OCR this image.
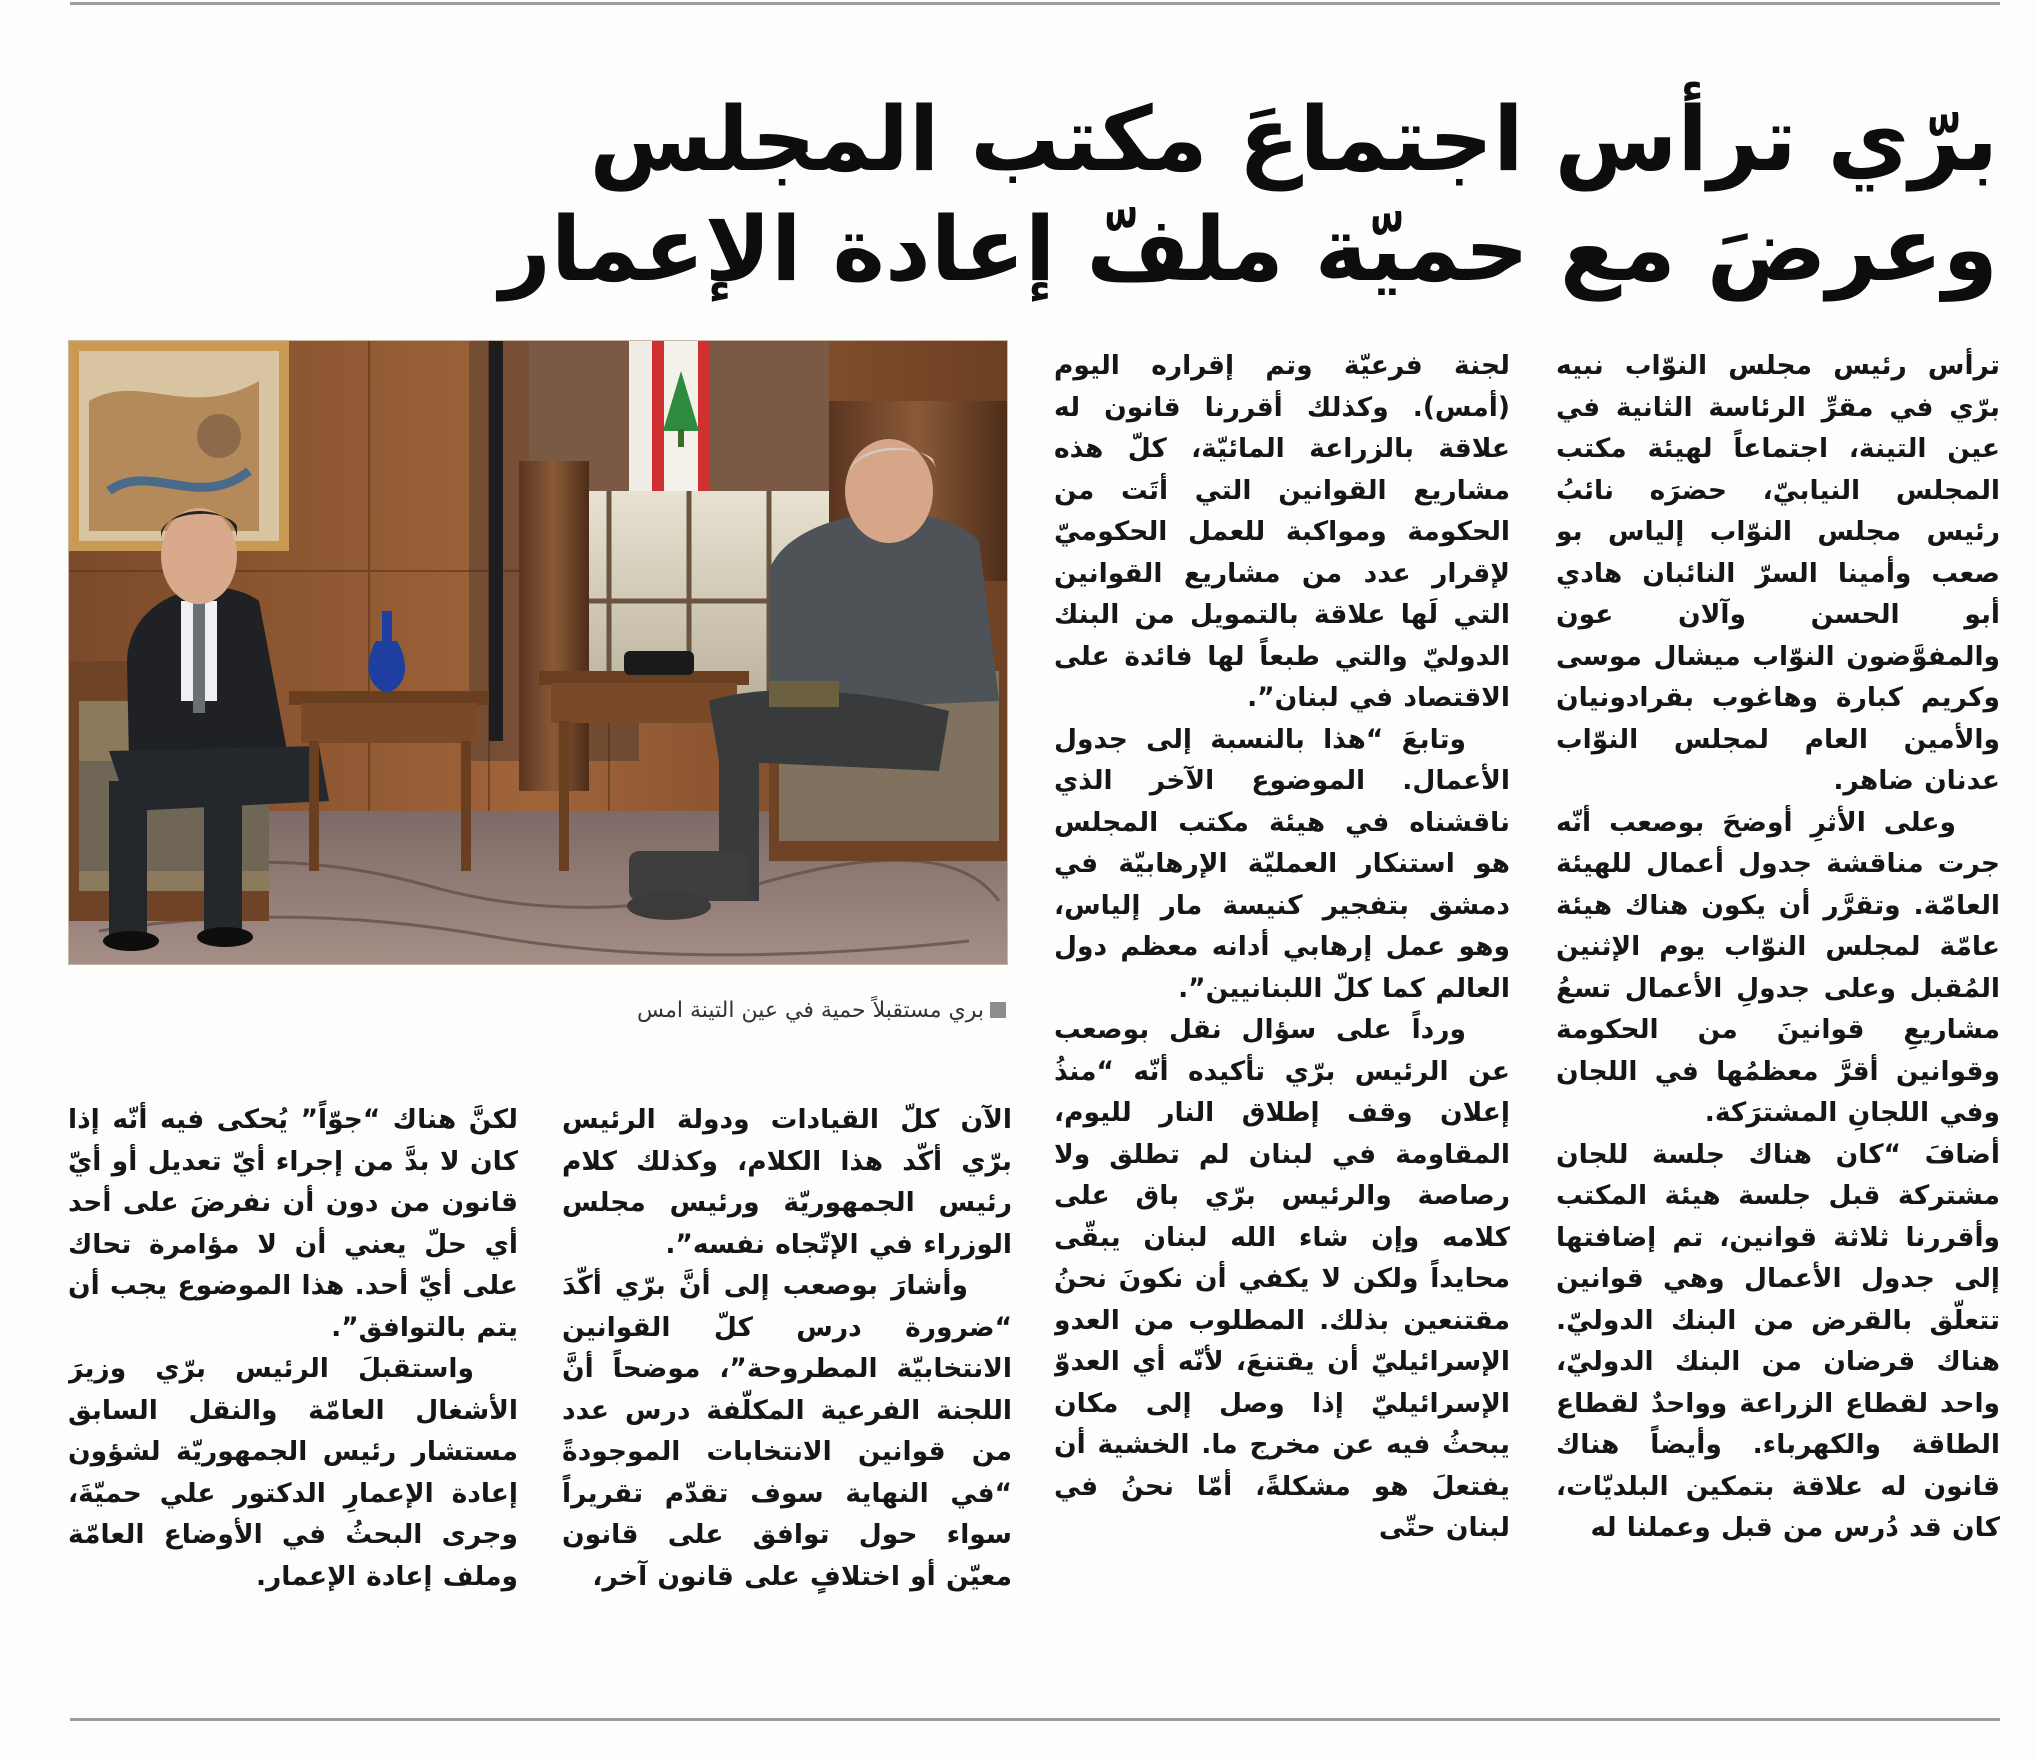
برّي ترأس اجتماعَ مكتب المجلس
وعرضَ مع حميّة ملفّ إعادة الإعمار

ترأس رئيس مجلس النوّاب نبيه برّي في مقرِّ الرئاسة الثانية في عين التينة، اجتماعاً لهيئة مكتب المجلس النيابيّ، حضرَه نائبُ رئيس مجلس النوّاب إلياس بو صعب وأمينا السرّ النائبان هادي أبو الحسن وآلان عون والمفوَّضون النوّاب ميشال موسى وكريم كبارة وهاغوب بقرادونيان والأمين العام لمجلس النوّاب عدنان ضاهر.

وعلى الأثرِ أوضحَ بوصعب أنّه جرت مناقشة جدول أعمال للهيئة العامّة. وتقرَّر أن يكون هناك هيئة عامّة لمجلس النوّاب يوم الإثنين المُقبل وعلى جدولِ الأعمال تسعُ مشاريعِ قوانينَ من الحكومة وقوانين أقرَّ معظمُها في اللجان وفي اللجانِ المشترَكة.

أضافَ “كان هناك جلسة للجان مشتركة قبل جلسة هيئة المكتب وأقررنا ثلاثة قوانين، تم إضافتها إلى جدول الأعمال وهي قوانين تتعلّق بالقرض من البنك الدوليّ. هناك قرضان من البنك الدوليّ، واحد لقطاع الزراعة وواحدٌ لقطاع الطاقة والكهرباء. وأيضاً هناك قانون له علاقة بتمكين البلديّات، كان قد دُرس من قبل وعملنا له

لجنة فرعيّة وتم إقراره اليوم (أمس). وكذلك أقررنا قانون له علاقة بالزراعة المائيّة، كلّ هذه مشاريع القوانين التي أتَت من الحكومة ومواكبة للعمل الحكوميّ لإقرار عدد من مشاريع القوانين التي لَها علاقة بالتمويل من البنك الدوليّ والتي طبعاً لها فائدة على الاقتصاد في لبنان”.

وتابعَ “هذا بالنسبة إلى جدول الأعمال. الموضوع الآخر الذي ناقشناه في هيئة مكتب المجلس هو استنكار العمليّة الإرهابيّة في دمشق بتفجير كنيسة مار إلياس، وهو عمل إرهابي أدانه معظم دول العالم كما كلّ اللبنانيين”.

ورداً على سؤال نقل بوصعب عن الرئيس برّي تأكيده أنّه “منذُ إعلان وقف إطلاق النار لليوم، المقاومة في لبنان لم تطلق ولا رصاصة والرئيس برّي باق على كلامه وإن شاء الله لبنان يبقّى محايداً ولكن لا يكفي أن نكونَ نحنُ مقتنعين بذلك. المطلوب من العدو الإسرائيليّ أن يقتنعَ، لأنّه أي العدوّ الإسرائيليّ إذا وصل إلى مكان يبحثُ فيه عن مخرج ما. الخشية أن يفتعلَ هو مشكلةً، أمّا نحنُ في لبنان حتّى

بري مستقبلاً حمية في عين التينة امس

الآن كلّ القيادات ودولة الرئيس برّي أكّد هذا الكلام، وكذلك كلام رئيس الجمهوريّة ورئيس مجلس الوزراء في الإتّجاه نفسه”.

وأشارَ بوصعب إلى أنَّ برّي أكّدَ “ضرورة درس كلّ القوانين الانتخابيّة المطروحة”، موضحاً أنَّ اللجنة الفرعية المكلّفة درس عدد من قوانين الانتخابات الموجودةً “في النهاية سوف تقدّم تقريراً سواء حول توافق على قانون معيّن أو اختلافٍ على قانون آخر،

لكنَّ هناك “جوّاً” يُحكى فيه أنّه إذا كان لا بدَّ من إجراء أيّ تعديل أو أيّ قانون من دون أن نفرضَ على أحد أي حلّ يعني أن لا مؤامرة تحاك على أيّ أحد. هذا الموضوع يجب أن يتم بالتوافق”.

واستقبلَ الرئيس برّي وزيرَ الأشغال العامّة والنقل السابق مستشار رئيس الجمهوريّة لشؤون إعادة الإعمارِ الدكتور علي حميّةَ، وجرى البحثُ في الأوضاع العامّة وملف إعادة الإعمار.
